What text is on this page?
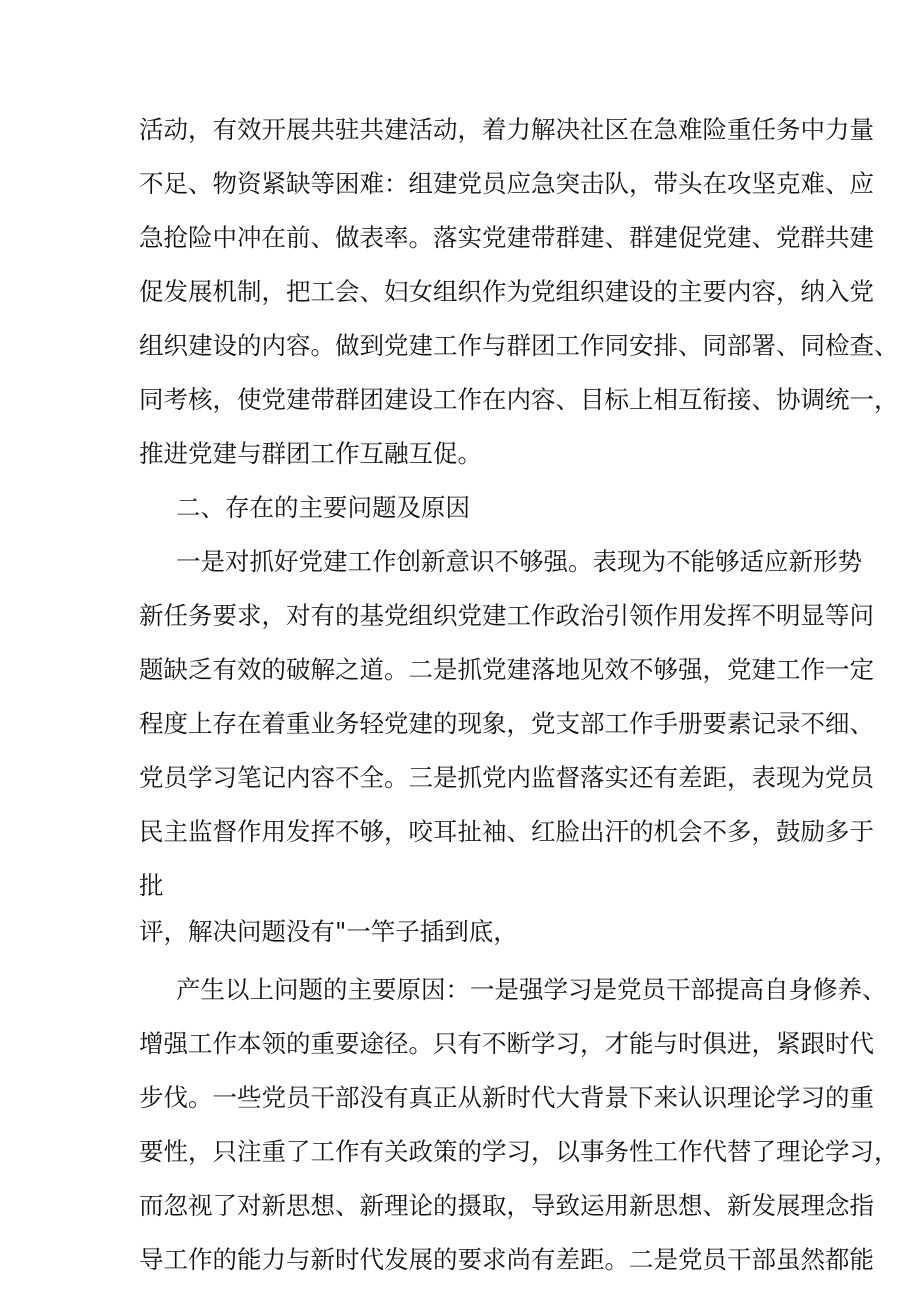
活动，有效开展共驻共建活动，着力解决社区在急难险重任务中力量

不足、物资紧缺等困难：组建党员应急突击队，带头在攻坚克难、应

急抢险中冲在前、做表率。落实党建带群建、群建促党建、党群共建

促发展机制，把工会、妇女组织作为党组织建设的主要内容，纳入党

组织建设的内容。做到党建工作与群团工作同安排、同部署、同检查、

同考核，使党建带群团建设工作在内容、目标上相互衔接、协调统一，

推进党建与群团工作互融互促。

二、存在的主要问题及原因

一是对抓好党建工作创新意识不够强。表现为不能够适应新形势

新任务要求，对有的基党组织党建工作政治引领作用发挥不明显等问

题缺乏有效的破解之道。二是抓党建落地见效不够强，党建工作一定

程度上存在着重业务轻党建的现象，党支部工作手册要素记录不细、

党员学习笔记内容不全。三是抓党内监督落实还有差距，表现为党员

民主监督作用发挥不够，咬耳扯袖、红脸出汗的机会不多，鼓励多于

批

评，解决问题没有"一竿子插到底，

产生以上问题的主要原因：一是强学习是党员干部提高自身修养、

增强工作本领的重要途径。只有不断学习，才能与时俱进，紧跟时代

步伐。一些党员干部没有真正从新时代大背景下来认识理论学习的重

要性，只注重了工作有关政策的学习，以事务性工作代替了理论学习，

而忽视了对新思想、新理论的摄取，导致运用新思想、新发展理念指

导工作的能力与新时代发展的要求尚有差距。二是党员干部虽然都能
